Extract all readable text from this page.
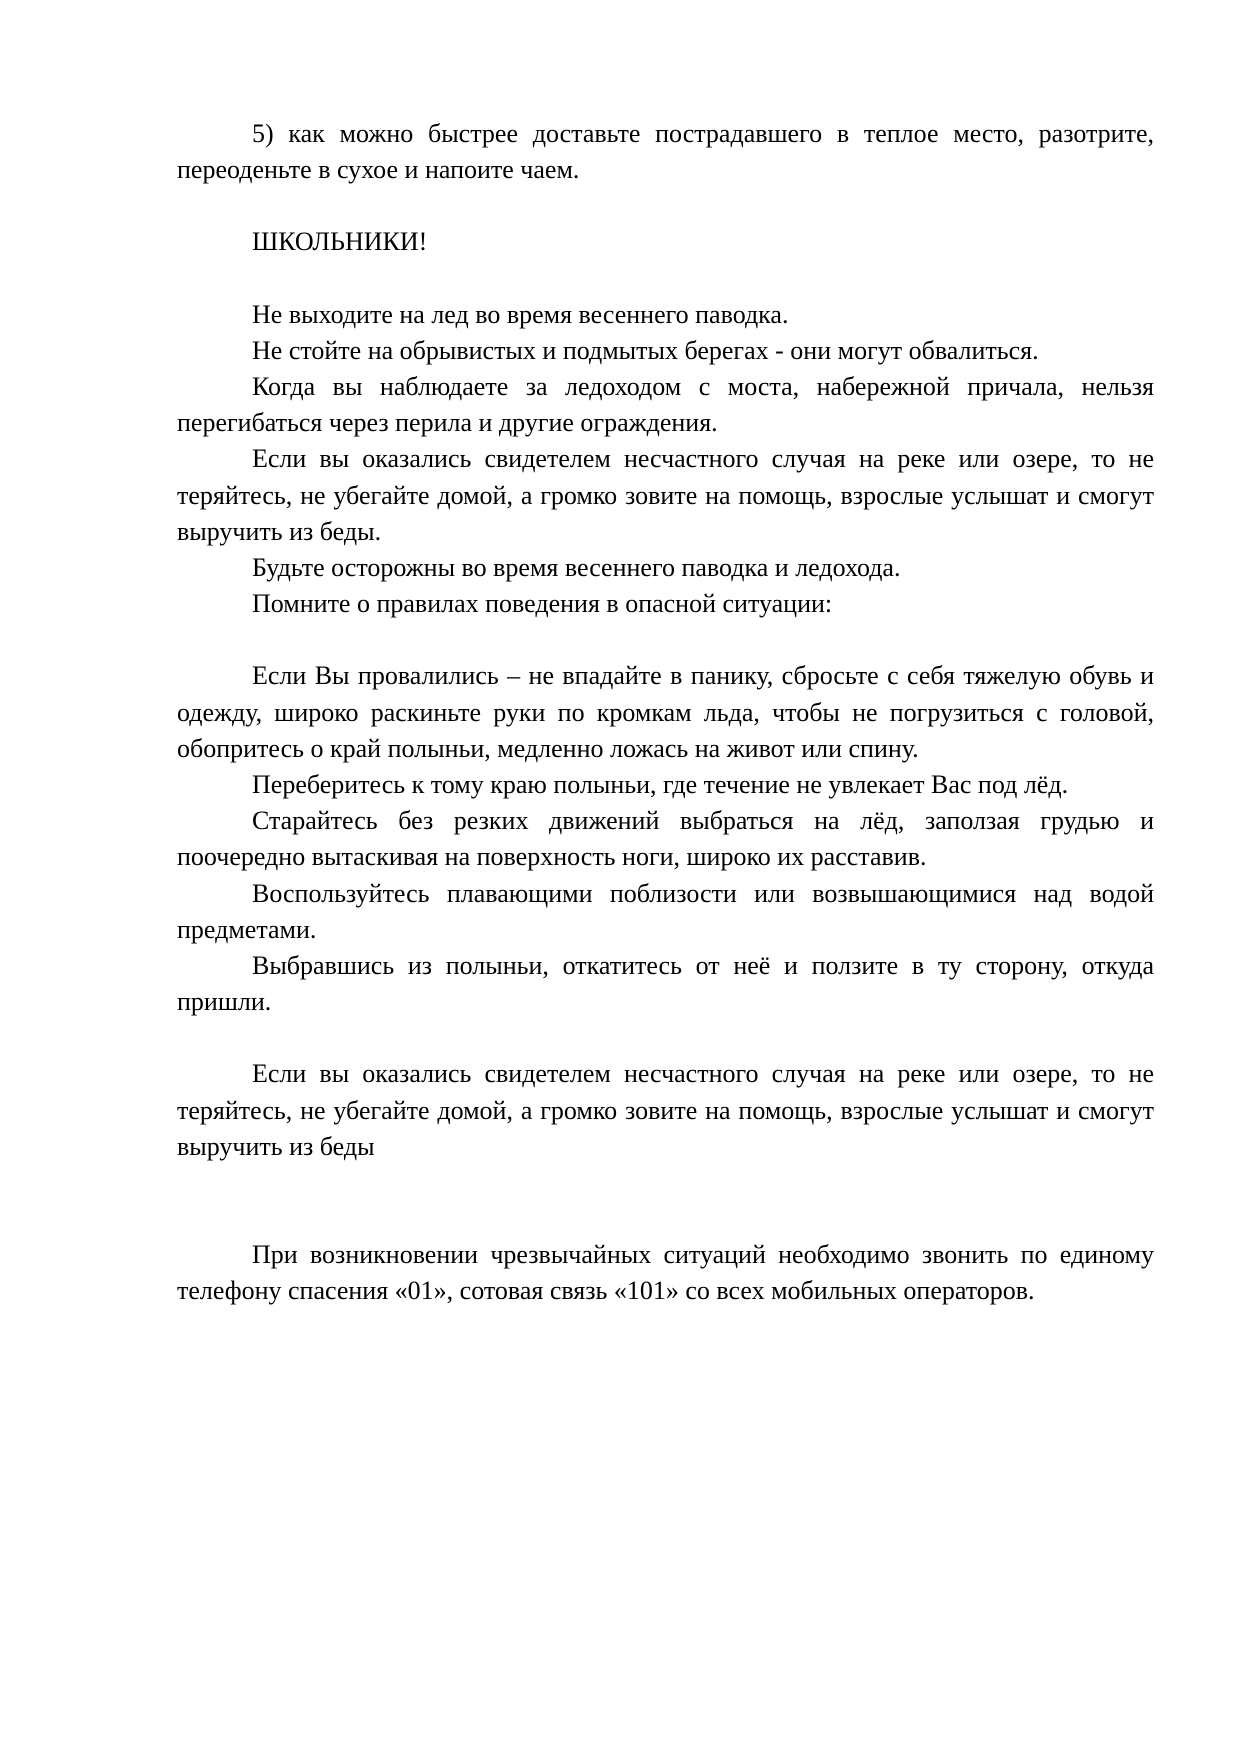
5) как можно быстрее доставьте пострадавшего в теплое место, разотрите, переоденьте в сухое и напоите чаем.

ШКОЛЬНИКИ!

Не выходите на лед во время весеннего паводка.

Не стойте на обрывистых и подмытых берегах - они могут обвалиться.

Когда вы наблюдаете за ледоходом с моста, набережной причала, нельзя перегибаться через перила и другие ограждения.

Если вы оказались свидетелем несчастного случая на реке или озере, то не теряйтесь, не убегайте домой, а громко зовите на помощь, взрослые услышат и смогут выручить из беды.

Будьте осторожны во время весеннего паводка и ледохода.

Помните о правилах поведения в опасной ситуации:

Если Вы провалились – не впадайте в панику, сбросьте с себя тяжелую обувь и одежду, широко раскиньте руки по кромкам льда, чтобы не погрузиться с головой, обопритесь о край полыньи, медленно ложась на живот или спину.

Переберитесь к тому краю полыньи, где течение не увлекает Вас под лёд.

Старайтесь без резких движений выбраться на лёд, заползая грудью и поочередно вытаскивая на поверхность ноги, широко их расставив.

Воспользуйтесь плавающими поблизости или возвышающимися над водой предметами.

Выбравшись из полыньи, откатитесь от неё и ползите в ту сторону, откуда пришли.

Если вы оказались свидетелем несчастного случая на реке или озере, то не теряйтесь, не убегайте домой, а громко зовите на помощь, взрослые услышат и смогут выручить из беды

При возникновении чрезвычайных ситуаций необходимо звонить по единому телефону спасения «01», сотовая связь «101» со всех мобильных операторов.
